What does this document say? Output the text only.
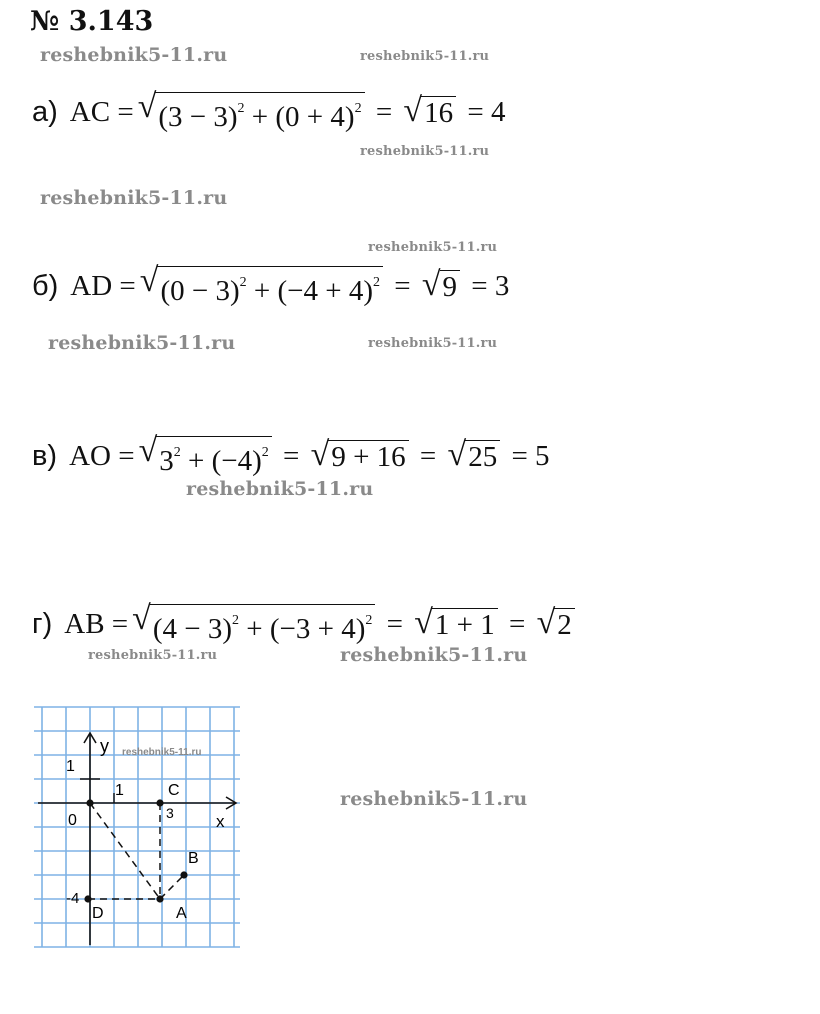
№ 3.143
reshebnik5-11.ru	reshebnik5-11.ru
reshebnik5-11.ru
reshebnik5-11.ru
reshebnik5-11.ru
reshebnik5-11.ru	reshebnik5-11.ru
reshebnik5-11.ru
reshebnik5-11.ru	reshebnik5-11.ru
reshebnik5-11.ru
а) AC = √ $(3 - 3)^2 + (0 + 4)^2$ = √ 16 = 4
б) AD = √ $(0 - 3)^2 + (-4 + 4)^2$ = √ 9 = 3
в) AO = √ $3^2 + (-4)^2$ = √ 9 + 16 = √ 25 = 5
г) AB = √ $(4 - 3)^2 + (-3 + 4)^2$ = √ 1 + 1 = √ 2
y
x
0
1
1
3
-4
C
B
A
D
reshebnik5-11.ru
